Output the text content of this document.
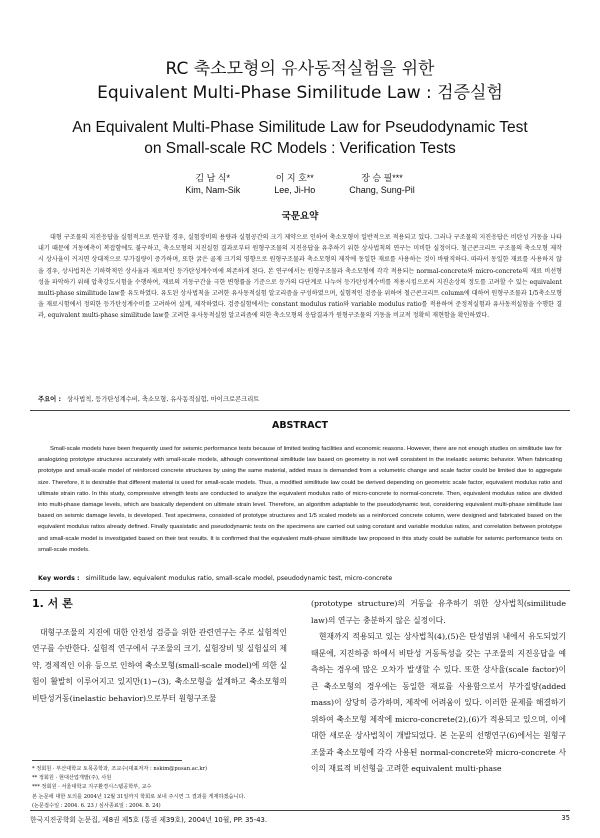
RC 축소모형의 유사동적실험을 위한
Equivalent Multi-Phase Similitude Law : 검증실험
An Equivalent Multi-Phase Similitude Law for Pseudodynamic Test
on Small-scale RC Models : Verification Tests
김 남 식*
Kim, Nam-Sik
이 지 호**
Lee, Ji-Ho
장 승 필***
Chang, Sung-Pil
국문요약

대형 구조물의 지진응답을 실험적으로 연구할 경우, 실험장비의 용량과 실험공간의 크기 제약으로 인하여 축소모형이 일반적으로 적용되고 있다. 그러나 구조물의 지진응답은 비탄성 거동을 나타내기 때문에 거동예측이 복잡함에도 불구하고, 축소모형의 지진실험 결과로부터 원형구조물의 지진응답을 유추하기 위한 상사법칙의 연구는 미비한 실정이다. 철근콘크리트 구조물의 축소모형 제작 시 상사율이 커지면 상대적으로 부가질량이 증가하며, 또한 굵은 골재 크기의 영향으로 원형구조물과 축소모형의 제작에 동일한 재료를 사용하는 것이 바람직하다. 따라서 동일한 재료를 사용하지 않을 경우, 상사법칙은 기하학적인 상사율과 재료적인 등가탄성계수비에 의존하게 된다. 본 연구에서는 원형구조물과 축소모형에 각각 적용되는 normal-concrete와 micro-concrete의 재료 비선형성을 파악하기 위해 압축강도시험을 수행하여, 재료의 거동구간을 극한 변형률을 기준으로 등가의 다단계로 나누어 등가탄성계수비를 적용시킴으로써 지진손상의 정도를 고려할 수 있는 equivalent multi-phase similitude law를 유도하였다. 유도된 상사법칙을 고려한 유사동적실험 알고리즘을 구성하였으며, 실험적인 검증을 위하여 철근콘크리트 column에 대하여 원형구조물과 1/5축소모형을 재료시험에서 정의한 등가탄성계수비를 고려하여 설계, 제작하였다. 검증실험에서는 constant modulus ratio와 variable modulus ratio를 적용하여 준정적실험과 유사동적실험을 수행한 결과, equivalent multi-phase similitude law를 고려한 유사동적실험 알고리즘에 의한 축소모형의 응답결과가 원형구조물의 거동을 비교적 정확히 재현함을 확인하였다.

주요어 : 상사법칙, 등가탄성계수비, 축소모형, 유사동적실험, 마이크로콘크리트
ABSTRACT

Small-scale models have been frequently used for seismic performance tests because of limited testing facilities and economic reasons. However, there are not enough studies on similitude law for analogizing prototype structures accurately with small-scale models, although conventional similitude law based on geometry is not well consistent in the inelastic seismic behavior. When fabricating prototype and small-scale model of reinforced concrete structures by using the same material, added mass is demanded from a volumetric change and scale factor could be limited due to aggregate size. Therefore, it is desirable that different material is used for small-scale models. Thus, a modified similitude law could be derived depending on geometric scale factor, equivalent modulus ratio and ultimate strain ratio. In this study, compressive strength tests are conducted to analyze the equivalent modulus ratio of micro-concrete to normal-concrete. Then, equivalent modulus ratios are divided into multi-phase damage levels, which are basically dependent on ultimate strain level. Therefore, an algorithm adaptable to the pseudodynamic test, considering equivalent multi-phase similitude law based on seismic damage levels, is developed. Test specimens, consisted of prototype structures and 1/5 scaled models as a reinforced concrete column, were designed and fabricated based on the equivalent modulus ratios already defined. Finally quasistatic and pseudodynamic tests on the specimens are carried out using constant and variable modulus ratios, and correlation between prototype and small-scale model is investigated based on their test results. It is confirmed that the equivalent multi-phase similitude law proposed in this study could be suitable for seismic performance tests on small-scale models.

Key words : similitude law, equivalent modulus ratio, small-scale model, pseudodynamic test, micro-concrete
1. 서 론

대형구조물의 지진에 대한 안전성 검증을 위한 관련연구는 주로 실험적인 연구를 수반한다. 실험적 연구에서 구조물의 크기, 실험장비 및 실험실의 제약, 경제적인 이유 등으로 인하여 축소모형(small-scale model)에 의한 실험이 활발히 이루어지고 있지만(1)~(3), 축소모형을 설계하고 축소모형의 비탄성거동(inelastic behavior)으로부터 원형구조물

(prototype structure)의 거동을 유추하기 위한 상사법칙(similitude law)의 연구는 충분하지 않은 실정이다.

현재까지 적용되고 있는 상사법칙(4),(5)은 탄성범위 내에서 유도되었기 때문에, 지진하중 하에서 비탄성 거동특성을 갖는 구조물의 지진응답을 예측하는 경우에 많은 오차가 발생할 수 있다. 또한 상사율(scale factor)이 큰 축소모형의 경우에는 동일한 재료를 사용함으로서 부가질량(added mass)이 상당히 증가하며, 제작에 어려움이 있다. 이러한 문제를 해결하기 위하여 축소모형 제작에 micro-concrete(2),(6)가 적용되고 있으며, 이에 대한 새로운 상사법칙이 개발되었다. 본 논문의 선행연구(6)에서는 원형구조물과 축소모형에 각각 사용된 normal-concrete와 micro-concrete 사이의 재료적 비선형을 고려한 equivalent multi-phase

* 정회원 · 부산대학교 토목공학과, 조교수(대표저자 : nskim@pusan.ac.kr)
** 정회원 · 현대산업개발(주), 사원
*** 정회원 · 서울대학교 지구환경시스템공학부, 교수
본 논문에 대한 토의를 2004년 12월 31일까지 학회로 보내 주시면 그 결과를 게재하겠습니다.
(논문접수일 : 2004. 6. 23 / 심사종료일 : 2004. 8. 24)
한국지진공학회 논문집, 제8권 제5호 (통권 제39호), 2004년 10월, PP. 35-43.	35
